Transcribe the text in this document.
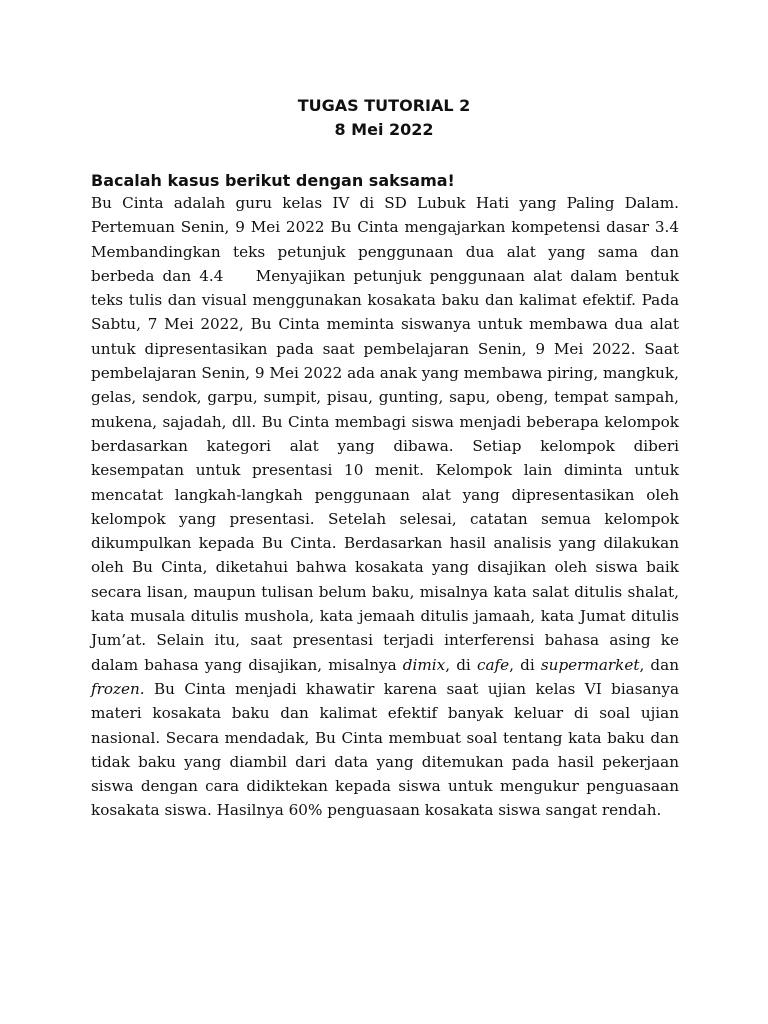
TUGAS TUTORIAL 2
8 Mei 2022
Bacalah kasus berikut dengan saksama!

Bu Cinta adalah guru kelas IV di SD Lubuk Hati yang Paling Dalam. Pertemuan Senin, 9 Mei 2022 Bu Cinta mengajarkan kompetensi dasar 3.4 Membandingkan teks petunjuk penggunaan dua alat yang sama dan berbeda dan 4.4    Menyajikan petunjuk penggunaan alat dalam bentuk teks tulis dan visual menggunakan kosakata baku dan kalimat efektif. Pada Sabtu, 7 Mei 2022, Bu Cinta meminta siswanya untuk membawa dua alat untuk dipresentasikan pada saat pembelajaran Senin, 9 Mei 2022. Saat pembelajaran Senin, 9 Mei 2022 ada anak yang membawa piring, mangkuk, gelas, sendok, garpu, sumpit, pisau, gunting, sapu, obeng, tempat sampah, mukena, sajadah, dll. Bu Cinta membagi siswa menjadi beberapa kelompok berdasarkan kategori alat yang dibawa. Setiap kelompok diberi kesempatan untuk presentasi 10 menit. Kelompok lain diminta untuk mencatat langkah-langkah penggunaan alat yang dipresentasikan oleh kelompok yang presentasi. Setelah selesai, catatan semua kelompok dikumpulkan kepada Bu Cinta. Berdasarkan hasil analisis yang dilakukan oleh Bu Cinta, diketahui bahwa kosakata yang disajikan oleh siswa baik secara lisan, maupun tulisan belum baku, misalnya kata salat ditulis shalat, kata musala ditulis mushola, kata jemaah ditulis jamaah, kata Jumat ditulis Jum’at. Selain itu, saat presentasi terjadi interferensi bahasa asing ke dalam bahasa yang disajikan, misalnya dimix, di cafe, di supermarket, dan frozen. Bu Cinta menjadi khawatir karena saat ujian kelas VI biasanya materi kosakata baku dan kalimat efektif banyak keluar di soal ujian nasional. Secara mendadak, Bu Cinta membuat soal tentang kata baku dan tidak baku yang diambil dari data yang ditemukan pada hasil pekerjaan siswa dengan cara didiktekan kepada siswa untuk mengukur penguasaan kosakata siswa. Hasilnya 60% penguasaan kosakata siswa sangat rendah.
